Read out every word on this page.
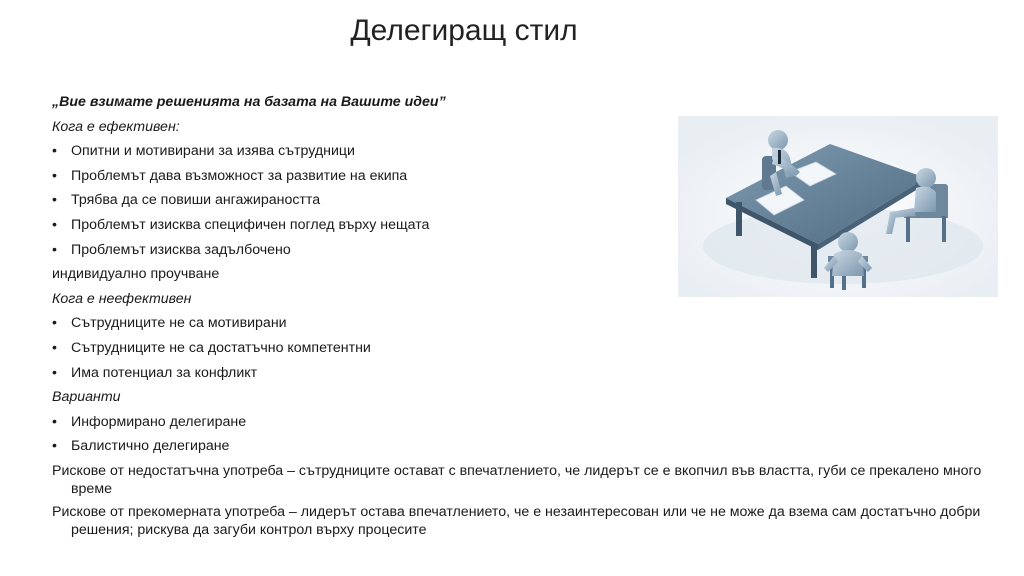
Делегиращ стил
„Вие взимате решенията на базата на Вашите идеи”
Кога е ефективен:
• Опитни и мотивирани за изява сътрудници
• Проблемът дава възможност за развитие на екипа
• Трябва да се повиши ангажираността
• Проблемът изисква специфичен поглед върху нещата
• Проблемът изисква задълбочено
индивидуално проучване
Кога е неефективен
• Сътрудниците не са мотивирани
• Сътрудниците не са достатъчно компетентни
• Има потенциал за конфликт
Варианти
• Информирано делегиране
• Балистично делегиране
Рискове от недостатъчна употреба – сътрудниците остават с впечатлението, че лидерът се е вкопчил във властта, губи се прекалено много време
Рискове от прекомерната употреба – лидерът остава впечатлението, че е незаинтересован или че не може да взема сам достатъчно добри решения; рискува да загуби контрол върху процесите
